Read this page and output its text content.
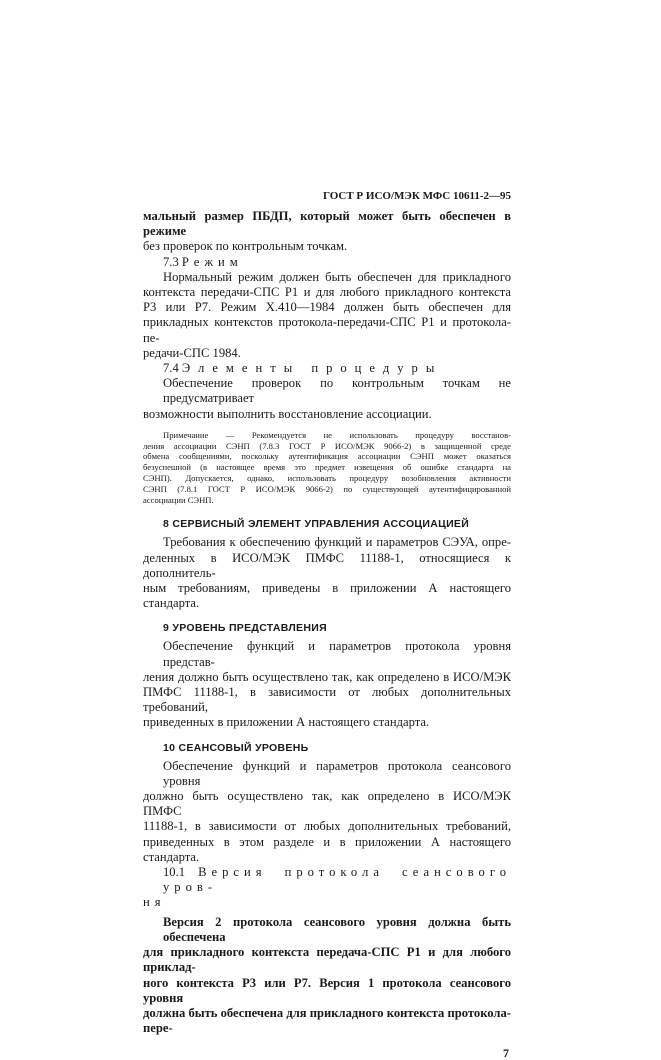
ГОСТ Р ИСО/МЭК МФС 10611-2—95
мальный размер ПБДП, который может быть обеспечен в режиме
без проверок по контрольным точкам.
7.3 Режим
Нормальный режим должен быть обеспечен для прикладного
контекста передачи-СПС Р1 и для любого прикладного контекста
Р3 или Р7. Режим Х.410—1984 должен быть обеспечен для
прикладных контекстов протокола-передачи-СПС Р1 и протокола-пе-
редачи-СПС 1984.
7.4 Элементы процедуры
Обеспечение проверок по контрольным точкам не предусматривает
возможности выполнить восстановление ассоциации.
Примечание — Рекомендуется не использовать процедуру восстанов-
ления ассоциации СЭНП (7.8.3 ГОСТ Р ИСО/МЭК 9066-2) в защищенной среде
обмена сообщениями, поскольку аутентификация ассоциации СЭНП может оказаться
безуспешной (в настоящее время это предмет извещения об ошибке стандарта на
СЭНП). Допускается, однако, использовать процедуру возобновления активности
СЭНП (7.8.1 ГОСТ Р ИСО/МЭК 9066-2) по существующей аутентифицированной
ассоциации СЭНП.
8 СЕРВИСНЫЙ ЭЛЕМЕНТ УПРАВЛЕНИЯ АССОЦИАЦИЕЙ
Требования к обеспечению функций и параметров СЭУА, опре-
деленных в ИСО/МЭК ПМФС 11188-1, относящиеся к дополнитель-
ным требованиям, приведены в приложении А настоящего стандарта.
9 УРОВЕНЬ ПРЕДСТАВЛЕНИЯ
Обеспечение функций и параметров протокола уровня представ-
ления должно быть осуществлено так, как определено в ИСО/МЭК
ПМФС 11188-1, в зависимости от любых дополнительных требований,
приведенных в приложении А настоящего стандарта.
10 СЕАНСОВЫЙ УРОВЕНЬ
Обеспечение функций и параметров протокола сеансового уровня
должно быть осуществлено так, как определено в ИСО/МЭК ПМФС
11188-1, в зависимости от любых дополнительных требований,
приведенных в этом разделе и в приложении А настоящего стандарта.
10.1 Версия протокола сеансового уров-
ня
Версия 2 протокола сеансового уровня должна быть обеспечена
для прикладного контекста передача-СПС Р1 и для любого приклад-
ного контекста Р3 или Р7. Версия 1 протокола сеансового уровня
должна быть обеспечена для прикладного контекста протокола-пере-
7
